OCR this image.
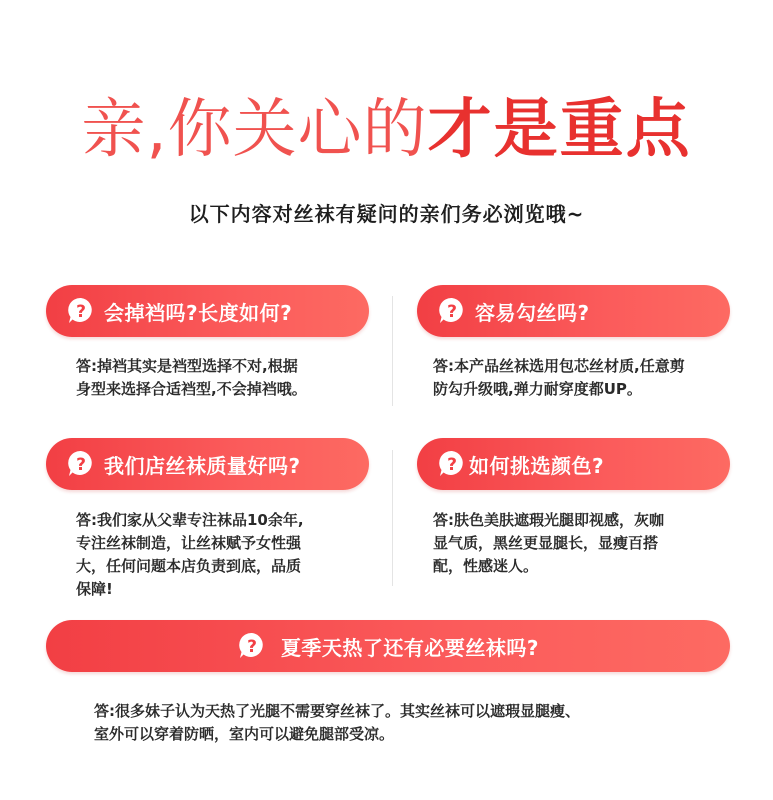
亲,你关心的才是重点
以下内容对丝袜有疑问的亲们务必浏览哦~
? 会掉裆吗?长度如何?
答:掉裆其实是裆型选择不对,根据
身型来选择合适裆型,不会掉裆哦。
? 容易勾丝吗?
答:本产品丝袜选用包芯丝材质,任意剪
防勾升级哦,弹力耐穿度都UP。
? 我们店丝袜质量好吗?
答:我们家从父辈专注袜品10余年,
专注丝袜制造，让丝袜赋予女性强
大，任何问题本店负责到底，品质
保障!
? 如何挑选颜色?
答:肤色美肤遮瑕光腿即视感，灰咖
显气质，黑丝更显腿长，显瘦百搭
配，性感迷人。
? 夏季天热了还有必要丝袜吗?
答:很多妹子认为天热了光腿不需要穿丝袜了。其实丝袜可以遮瑕显腿瘦、
室外可以穿着防晒，室内可以避免腿部受凉。
